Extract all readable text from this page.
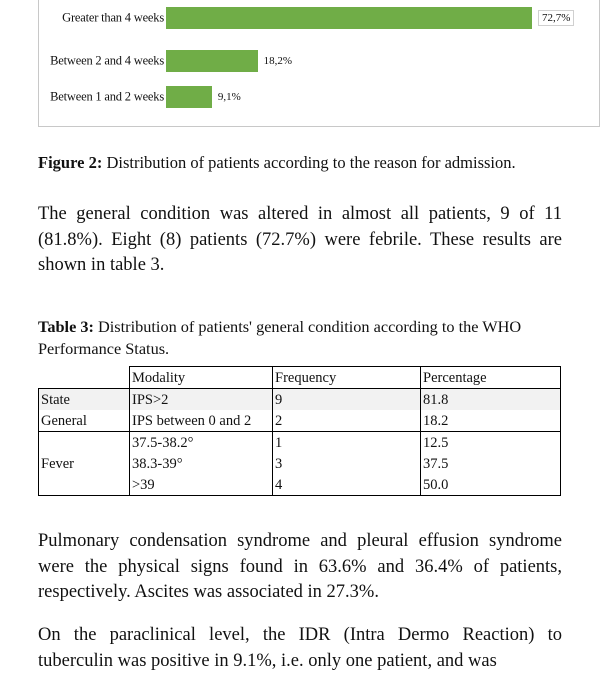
Greater than 4 weeks	72,7%
Between 2 and 4 weeks	18,2%
Between 1 and 2 weeks	9,1%
Figure 2: Distribution of patients according to the reason for admission.

The general condition was altered in almost all patients, 9 of 11 (81.8%). Eight (8) patients (72.7%) were febrile. These results are shown in table 3.

Table 3: Distribution of patients' general condition according to the WHO Performance Status.
	Modality	Frequency	Percentage
State	IPS>2	9	81.8
General	IPS between 0 and 2	2	18.2
	37.5-38.2°	1	12.5
Fever	38.3-39°	3	37.5
	>39	4	50.0

Pulmonary condensation syndrome and pleural effusion syndrome were the physical signs found in 63.6% and 36.4% of patients, respectively. Ascites was associated in 27.3%.

On the paraclinical level, the IDR (Intra Dermo Reaction) to tuberculin was positive in 9.1%, i.e. only one patient, and was
